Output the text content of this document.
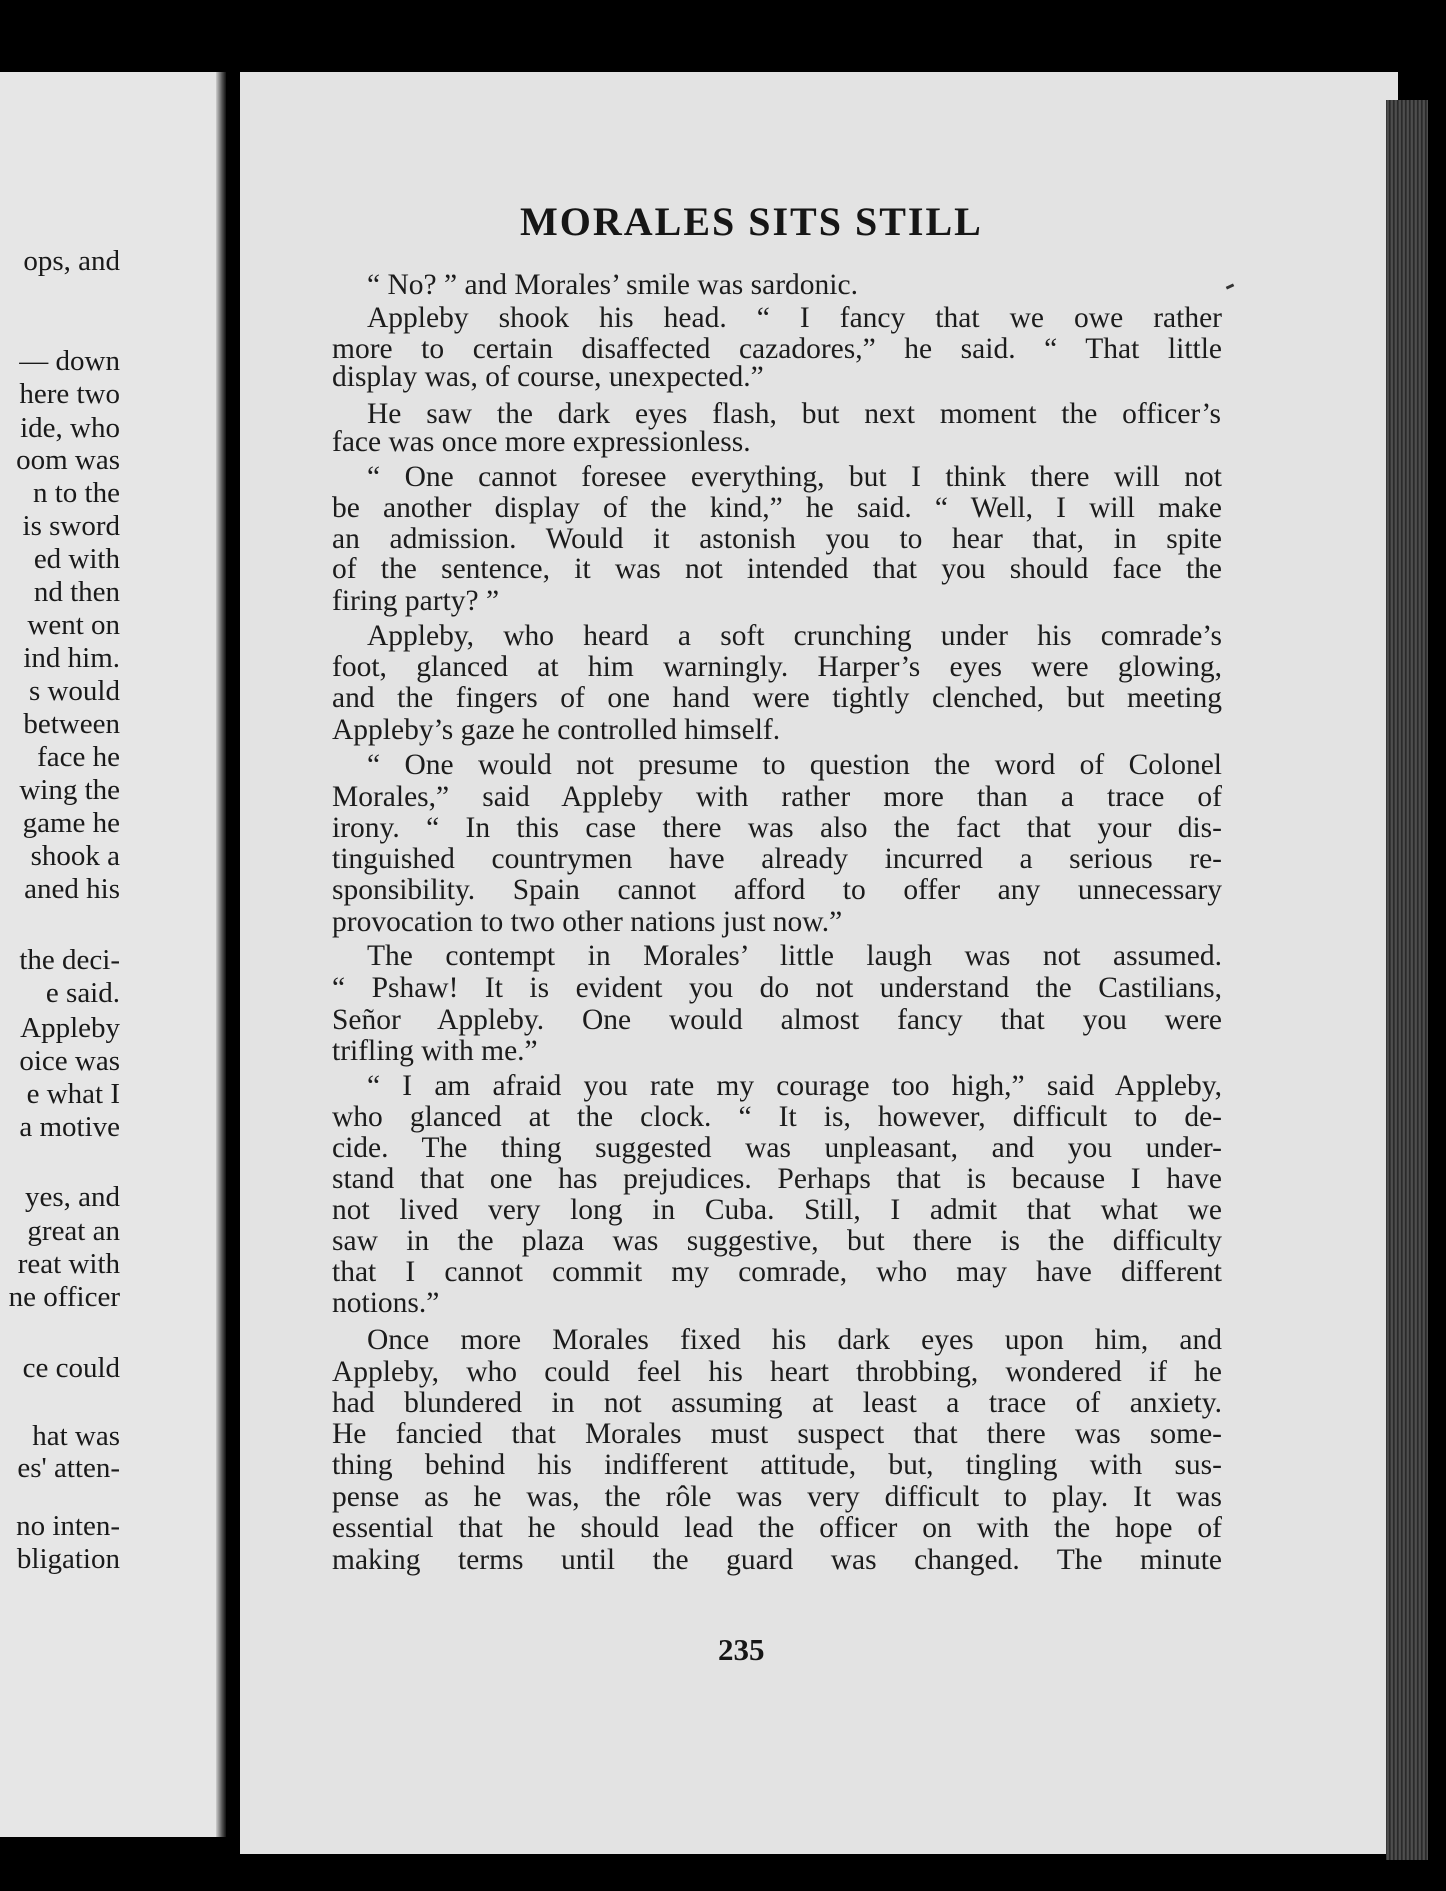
MORALES SITS STILL
“ No? ” and Morales’ smile was sardonic.
Appleby shook his head. “ I fancy that we owe rather
more to certain disaffected cazadores,” he said. “ That little
display was, of course, unexpected.”
He saw the dark eyes flash, but next moment the officer’s
face was once more expressionless.
“ One cannot foresee everything, but I think there will not
be another display of the kind,” he said. “ Well, I will make
an admission. Would it astonish you to hear that, in spite
of the sentence, it was not intended that you should face the
firing party? ”
Appleby, who heard a soft crunching under his comrade’s
foot, glanced at him warningly. Harper’s eyes were glowing,
and the fingers of one hand were tightly clenched, but meeting
Appleby’s gaze he controlled himself.
“ One would not presume to question the word of Colonel
Morales,” said Appleby with rather more than a trace of
irony. “ In this case there was also the fact that your dis-
tinguished countrymen have already incurred a serious re-
sponsibility. Spain cannot afford to offer any unnecessary
provocation to two other nations just now.”
The contempt in Morales’ little laugh was not assumed.
“ Pshaw! It is evident you do not understand the Castilians,
Señor Appleby. One would almost fancy that you were
trifling with me.”
“ I am afraid you rate my courage too high,” said Appleby,
who glanced at the clock. “ It is, however, difficult to de-
cide. The thing suggested was unpleasant, and you under-
stand that one has prejudices. Perhaps that is because I have
not lived very long in Cuba. Still, I admit that what we
saw in the plaza was suggestive, but there is the difficulty
that I cannot commit my comrade, who may have different
notions.”
Once more Morales fixed his dark eyes upon him, and
Appleby, who could feel his heart throbbing, wondered if he
had blundered in not assuming at least a trace of anxiety.
He fancied that Morales must suspect that there was some-
thing behind his indifferent attitude, but, tingling with sus-
pense as he was, the rôle was very difficult to play. It was
essential that he should lead the officer on with the hope of
making terms until the guard was changed. The minute
ops, and
— down
here two
ide, who
oom was
n to the
is sword
ed with
nd then
went on
ind him.
s would
between
face he
wing the
game he
shook a
aned his
the deci-
e said.
Appleby
oice was
e what I
a motive
yes, and
great an
reat with
ne officer
ce could
hat was
es' atten-
no inten-
bligation
235
